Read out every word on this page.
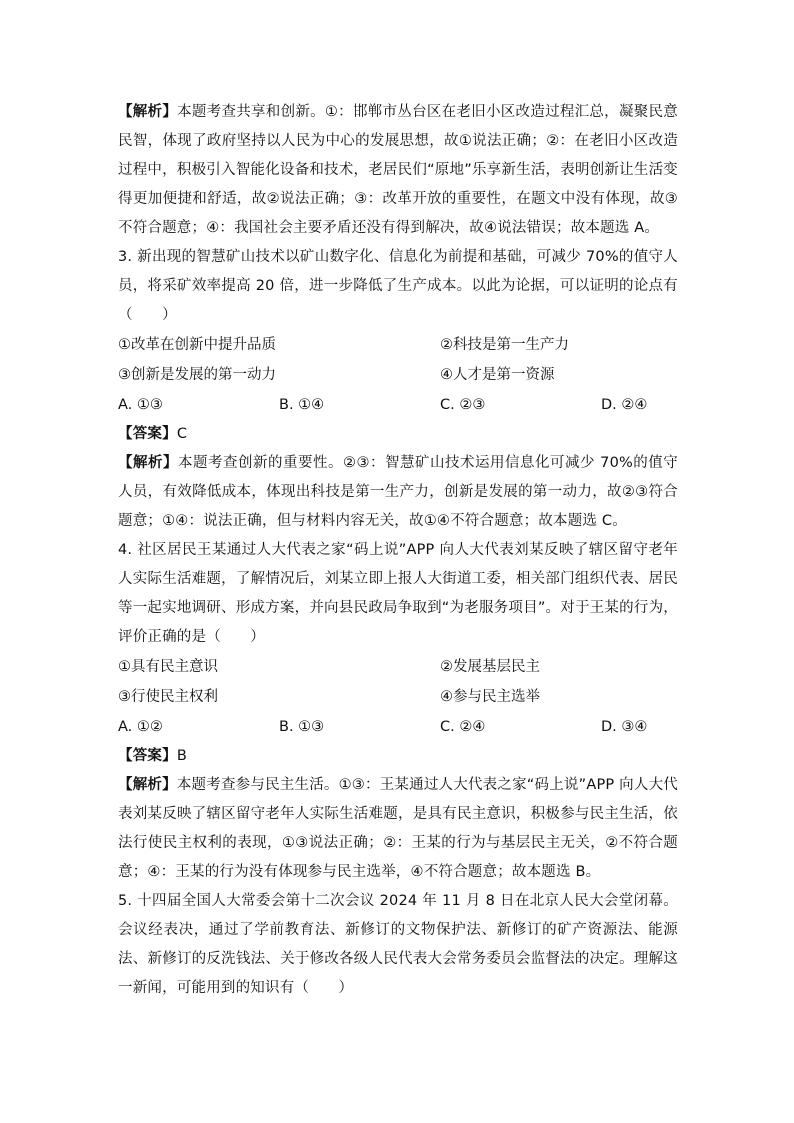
【解析】本题考查共享和创新。①：邯郸市丛台区在老旧小区改造过程汇总，凝聚民意民智，体现了政府坚持以人民为中心的发展思想，故①说法正确；②：在老旧小区改造过程中，积极引入智能化设备和技术，老居民们“原地”乐享新生活，表明创新让生活变得更加便捷和舒适，故②说法正确；③：改革开放的重要性，在题文中没有体现，故③不符合题意；④：我国社会主要矛盾还没有得到解决，故④说法错误；故本题选 A。

3. 新出现的智慧矿山技术以矿山数字化、信息化为前提和基础，可减少 70%的值守人员，将采矿效率提高 20 倍，进一步降低了生产成本。以此为论据，可以证明的论点有（　　）

①改革在创新中提升品质	②科技是第一生产力
③创新是发展的第一动力	④人才是第一资源
A. ①③	B. ①④	C. ②③	D. ②④

【答案】C

【解析】本题考查创新的重要性。②③：智慧矿山技术运用信息化可减少 70%的值守人员，有效降低成本，体现出科技是第一生产力，创新是发展的第一动力，故②③符合题意；①④：说法正确，但与材料内容无关，故①④不符合题意；故本题选 C。

4. 社区居民王某通过人大代表之家“码上说”APP 向人大代表刘某反映了辖区留守老年人实际生活难题，了解情况后，刘某立即上报人大街道工委，相关部门组织代表、居民等一起实地调研、形成方案，并向县民政局争取到“为老服务项目”。对于王某的行为，评价正确的是（　　）

①具有民主意识	②发展基层民主
③行使民主权利	④参与民主选举
A. ①②	B. ①③	C. ②④	D. ③④

【答案】B

【解析】本题考查参与民主生活。①③：王某通过人大代表之家“码上说”APP 向人大代表刘某反映了辖区留守老年人实际生活难题，是具有民主意识，积极参与民主生活，依法行使民主权利的表现，①③说法正确；②：王某的行为与基层民主无关，②不符合题意；④：王某的行为没有体现参与民主选举，④不符合题意；故本题选 B。

5. 十四届全国人大常委会第十二次会议 2024 年 11 月 8 日在北京人民大会堂闭幕。会议经表决，通过了学前教育法、新修订的文物保护法、新修订的矿产资源法、能源法、新修订的反洗钱法、关于修改各级人民代表大会常务委员会监督法的决定。理解这一新闻，可能用到的知识有（　　）
